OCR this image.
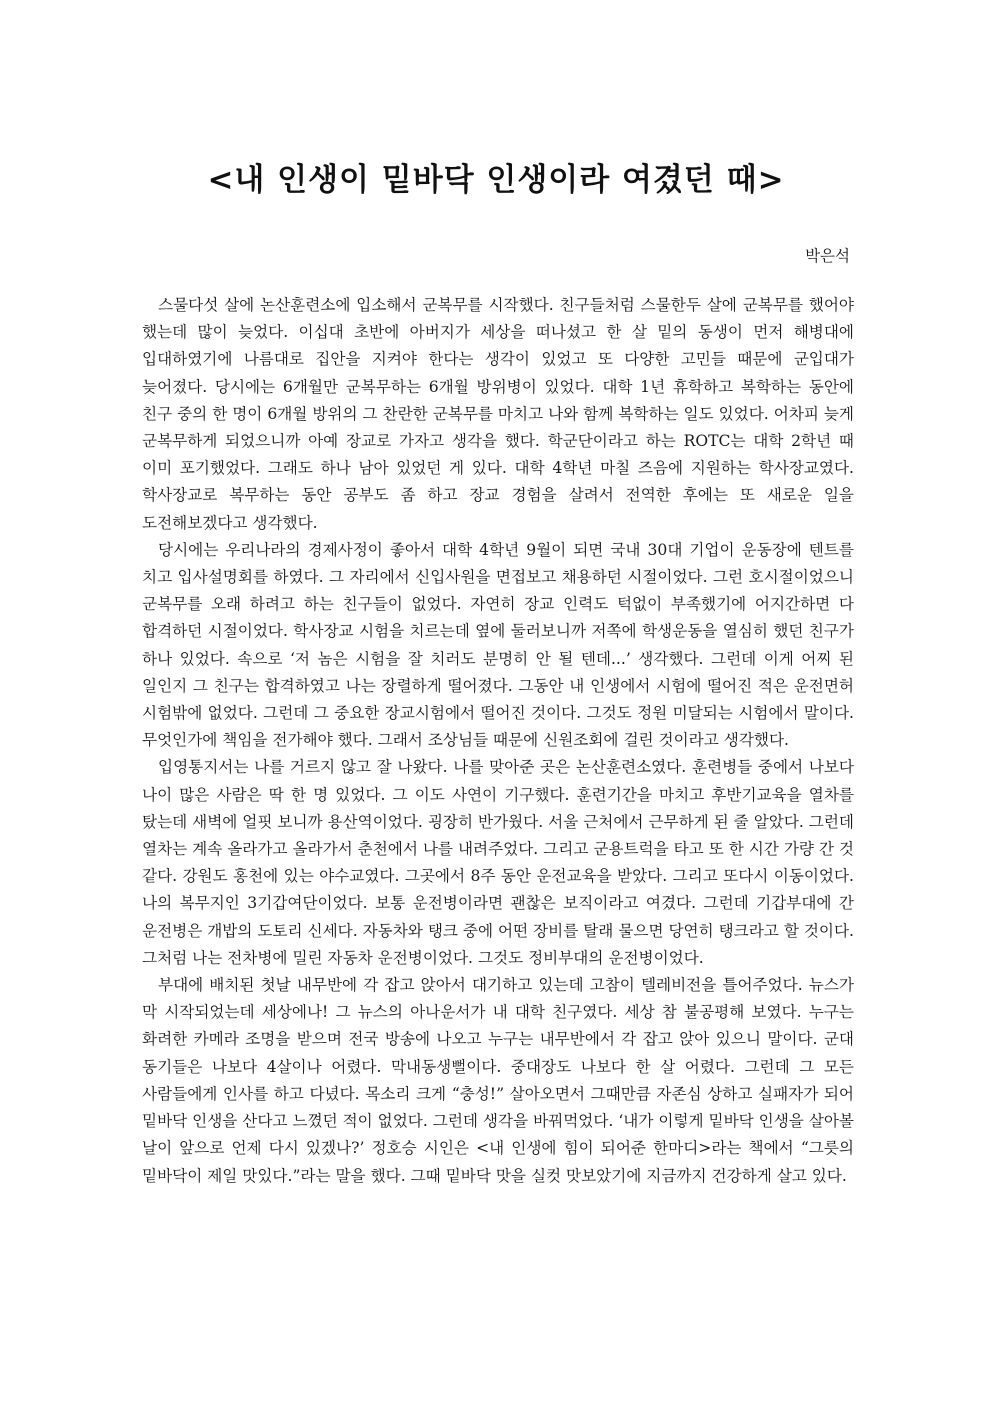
<내 인생이 밑바닥 인생이라 여겼던 때>
박은석

스물다섯 살에 논산훈련소에 입소해서 군복무를 시작했다. 친구들처럼 스물한두 살에 군복무를 했어야 했는데 많이 늦었다. 이십대 초반에 아버지가 세상을 떠나셨고 한 살 밑의 동생이 먼저 해병대에 입대하였기에 나름대로 집안을 지켜야 한다는 생각이 있었고 또 다양한 고민들 때문에 군입대가 늦어졌다. 당시에는 6개월만 군복무하는 6개월 방위병이 있었다. 대학 1년 휴학하고 복학하는 동안에 친구 중의 한 명이 6개월 방위의 그 찬란한 군복무를 마치고 나와 함께 복학하는 일도 있었다. 어차피 늦게 군복무하게 되었으니까 아예 장교로 가자고 생각을 했다. 학군단이라고 하는 ROTC는 대학 2학년 때 이미 포기했었다. 그래도 하나 남아 있었던 게 있다. 대학 4학년 마칠 즈음에 지원하는 학사장교였다. 학사장교로 복무하는 동안 공부도 좀 하고 장교 경험을 살려서 전역한 후에는 또 새로운 일을 도전해보겠다고 생각했다.

당시에는 우리나라의 경제사정이 좋아서 대학 4학년 9월이 되면 국내 30대 기업이 운동장에 텐트를 치고 입사설명회를 하였다. 그 자리에서 신입사원을 면접보고 채용하던 시절이었다. 그런 호시절이었으니 군복무를 오래 하려고 하는 친구들이 없었다. 자연히 장교 인력도 턱없이 부족했기에 어지간하면 다 합격하던 시절이었다. 학사장교 시험을 치르는데 옆에 둘러보니까 저쪽에 학생운동을 열심히 했던 친구가 하나 있었다. 속으로 ‘저 놈은 시험을 잘 치러도 분명히 안 될 텐데...’ 생각했다. 그런데 이게 어찌 된 일인지 그 친구는 합격하였고 나는 장렬하게 떨어졌다. 그동안 내 인생에서 시험에 떨어진 적은 운전면허 시험밖에 없었다. 그런데 그 중요한 장교시험에서 떨어진 것이다. 그것도 정원 미달되는 시험에서 말이다. 무엇인가에 책임을 전가해야 했다. 그래서 조상님들 때문에 신원조회에 걸린 것이라고 생각했다.

입영통지서는 나를 거르지 않고 잘 나왔다. 나를 맞아준 곳은 논산훈련소였다. 훈련병들 중에서 나보다 나이 많은 사람은 딱 한 명 있었다. 그 이도 사연이 기구했다. 훈련기간을 마치고 후반기교육을 열차를 탔는데 새벽에 얼핏 보니까 용산역이었다. 굉장히 반가웠다. 서울 근처에서 근무하게 된 줄 알았다. 그런데 열차는 계속 올라가고 올라가서 춘천에서 나를 내려주었다. 그리고 군용트럭을 타고 또 한 시간 가량 간 것 같다. 강원도 홍천에 있는 야수교였다. 그곳에서 8주 동안 운전교육을 받았다. 그리고 또다시 이동이었다. 나의 복무지인 3기갑여단이었다. 보통 운전병이라면 괜찮은 보직이라고 여겼다. 그런데 기갑부대에 간 운전병은 개밥의 도토리 신세다. 자동차와 탱크 중에 어떤 장비를 탈래 물으면 당연히 탱크라고 할 것이다. 그처럼 나는 전차병에 밀린 자동차 운전병이었다. 그것도 정비부대의 운전병이었다.

부대에 배치된 첫날 내무반에 각 잡고 앉아서 대기하고 있는데 고참이 텔레비전을 틀어주었다. 뉴스가 막 시작되었는데 세상에나! 그 뉴스의 아나운서가 내 대학 친구였다. 세상 참 불공평해 보였다. 누구는 화려한 카메라 조명을 받으며 전국 방송에 나오고 누구는 내무반에서 각 잡고 앉아 있으니 말이다. 군대 동기들은 나보다 4살이나 어렸다. 막내동생뻘이다. 중대장도 나보다 한 살 어렸다. 그런데 그 모든 사람들에게 인사를 하고 다녔다. 목소리 크게 “충성!” 살아오면서 그때만큼 자존심 상하고 실패자가 되어 밑바닥 인생을 산다고 느꼈던 적이 없었다. 그런데 생각을 바꿔먹었다. ‘내가 이렇게 밑바닥 인생을 살아볼 날이 앞으로 언제 다시 있겠나?’ 정호승 시인은 <내 인생에 힘이 되어준 한마디>라는 책에서 “그릇의 밑바닥이 제일 맛있다.”라는 말을 했다. 그때 밑바닥 맛을 실컷 맛보았기에 지금까지 건강하게 살고 있다.
